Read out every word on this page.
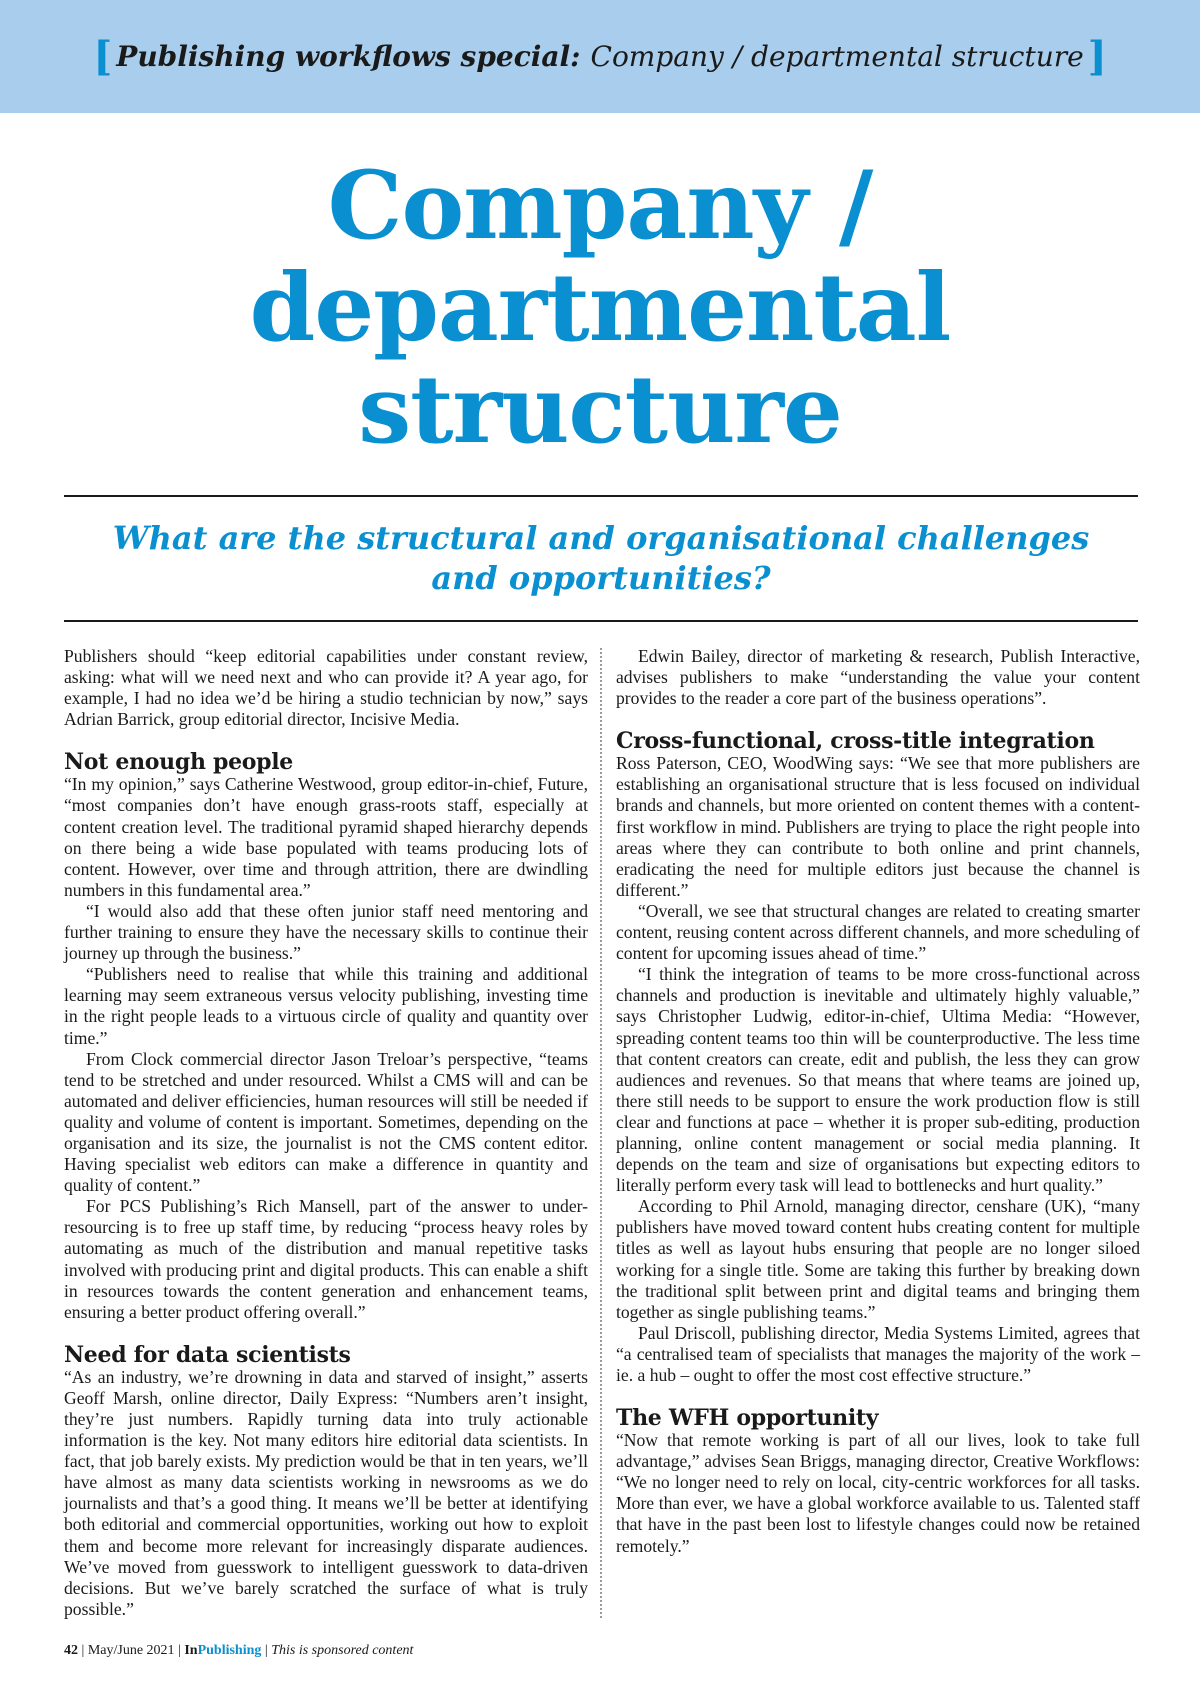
[ Publishing workflows special: Company / departmental structure ]
Company /
departmental
structure
What are the structural and organisational challenges
and opportunities?

Publishers should “keep editorial capabilities under constant review, asking: what will we need next and who can provide it? A year ago, for example, I had no idea we’d be hiring a studio technician by now,” says Adrian Barrick, group editorial director, Incisive Media.

Not enough people

“In my opinion,” says Catherine Westwood, group editor-in-chief, Future, “most companies don’t have enough grass-roots staff, especially at content creation level. The traditional pyramid shaped hierarchy depends on there being a wide base populated with teams producing lots of content. However, over time and through attrition, there are dwindling numbers in this fundamental area.”

“I would also add that these often junior staff need mentoring and further training to ensure they have the necessary skills to continue their journey up through the business.”

“Publishers need to realise that while this training and additional learning may seem extraneous versus velocity publishing, investing time in the right people leads to a virtuous circle of quality and quantity over time.”

From Clock commercial director Jason Treloar’s perspective, “teams tend to be stretched and under resourced. Whilst a CMS will and can be automated and deliver efficiencies, human resources will still be needed if quality and volume of content is important. Sometimes, depending on the organisation and its size, the journalist is not the CMS content editor. Having specialist web editors can make a difference in quantity and quality of content.”

For PCS Publishing’s Rich Mansell, part of the answer to under-resourcing is to free up staff time, by reducing “process heavy roles by automating as much of the distribution and manual repetitive tasks involved with producing print and digital products. This can enable a shift in resources towards the content generation and enhancement teams, ensuring a better product offering overall.”

Need for data scientists

“As an industry, we’re drowning in data and starved of insight,” asserts Geoff Marsh, online director, Daily Express: “Numbers aren’t insight, they’re just numbers. Rapidly turning data into truly actionable information is the key. Not many editors hire editorial data scientists. In fact, that job barely exists. My prediction would be that in ten years, we’ll have almost as many data scientists working in newsrooms as we do journalists and that’s a good thing. It means we’ll be better at identifying both editorial and commercial opportunities, working out how to exploit them and become more relevant for increasingly disparate audiences. We’ve moved from guesswork to intelligent guesswork to data-driven decisions. But we’ve barely scratched the surface of what is truly possible.”

Edwin Bailey, director of marketing & research, Publish Interactive, advises publishers to make “understanding the value your content provides to the reader a core part of the business operations”.

Cross-functional, cross-title integration

Ross Paterson, CEO, WoodWing says: “We see that more publishers are establishing an organisational structure that is less focused on individual brands and channels, but more oriented on content themes with a content-first workflow in mind. Publishers are trying to place the right people into areas where they can contribute to both online and print channels, eradicating the need for multiple editors just because the channel is different.”

“Overall, we see that structural changes are related to creating smarter content, reusing content across different channels, and more scheduling of content for upcoming issues ahead of time.”

“I think the integration of teams to be more cross-functional across channels and production is inevitable and ultimately highly valuable,” says Christopher Ludwig, editor-in-chief, Ultima Media: “However, spreading content teams too thin will be counterproductive. The less time that content creators can create, edit and publish, the less they can grow audiences and revenues. So that means that where teams are joined up, there still needs to be support to ensure the work production flow is still clear and functions at pace – whether it is proper sub-editing, production planning, online content management or social media planning. It depends on the team and size of organisations but expecting editors to literally perform every task will lead to bottlenecks and hurt quality.”

According to Phil Arnold, managing director, censhare (UK), “many publishers have moved toward content hubs creating content for multiple titles as well as layout hubs ensuring that people are no longer siloed working for a single title. Some are taking this further by breaking down the traditional split between print and digital teams and bringing them together as single publishing teams.”

Paul Driscoll, publishing director, Media Systems Limited, agrees that “a centralised team of specialists that manages the majority of the work – ie. a hub – ought to offer the most cost effective structure.”

The WFH opportunity

“Now that remote working is part of all our lives, look to take full advantage,” advises Sean Briggs, managing director, Creative Workflows: “We no longer need to rely on local, city-centric workforces for all tasks. More than ever, we have a global workforce available to us. Talented staff that have in the past been lost to lifestyle changes could now be retained remotely.”

42 | May/June 2021 | InPublishing | This is sponsored content
